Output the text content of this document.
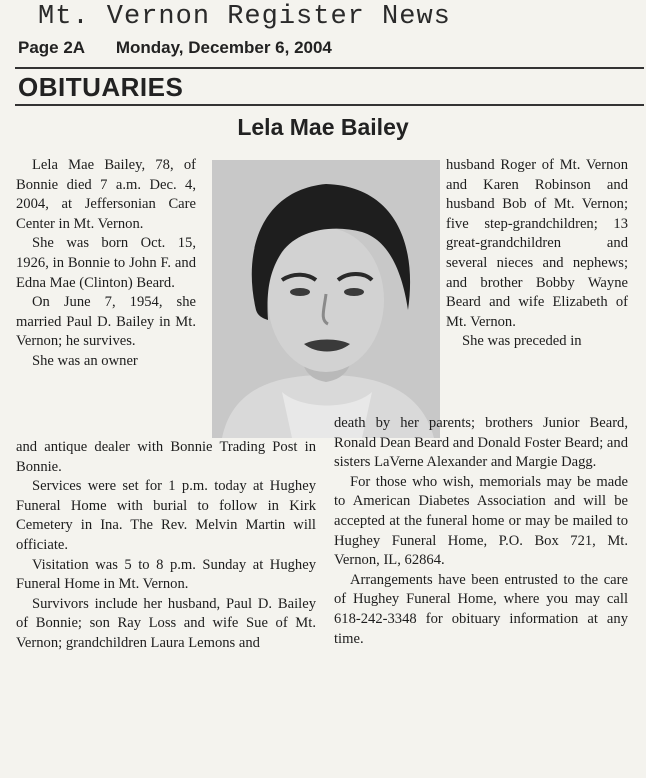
Mt. Vernon Register News
Page 2A Monday, December 6, 2004
OBITUARIES
Lela Mae Bailey

Lela Mae Bailey, 78, of Bonnie died 7 a.m. Dec. 4, 2004, at Jeffersonian Care Center in Mt. Vernon.

She was born Oct. 15, 1926, in Bonnie to John F. and Edna Mae (Clinton) Beard.

On June 7, 1954, she married Paul D. Bailey in Mt. Vernon; he survives.

She was an owner

and antique dealer with Bonnie Trading Post in Bonnie.

Services were set for 1 p.m. today at Hughey Funeral Home with burial to follow in Kirk Cemetery in Ina. The Rev. Melvin Martin will officiate.

Visitation was 5 to 8 p.m. Sunday at Hughey Funeral Home in Mt. Vernon.

Survivors include her husband, Paul D. Bailey of Bonnie; son Ray Loss and wife Sue of Mt. Vernon; grandchildren Laura Lemons and

husband Roger of Mt. Vernon and Karen Robinson and husband Bob of Mt. Vernon; five step-grandchildren; 13 great-grandchildren and several nieces and nephews; and brother Bobby Wayne Beard and wife Elizabeth of Mt. Vernon.

She was preceded in

death by her parents; brothers Junior Beard, Ronald Dean Beard and Donald Foster Beard; and sisters LaVerne Alexander and Margie Dagg.

For those who wish, memorials may be made to American Diabetes Association and will be accepted at the funeral home or may be mailed to Hughey Funeral Home, P.O. Box 721, Mt. Vernon, IL, 62864.

Arrangements have been entrusted to the care of Hughey Funeral Home, where you may call 618-242-3348 for obituary information at any time.
